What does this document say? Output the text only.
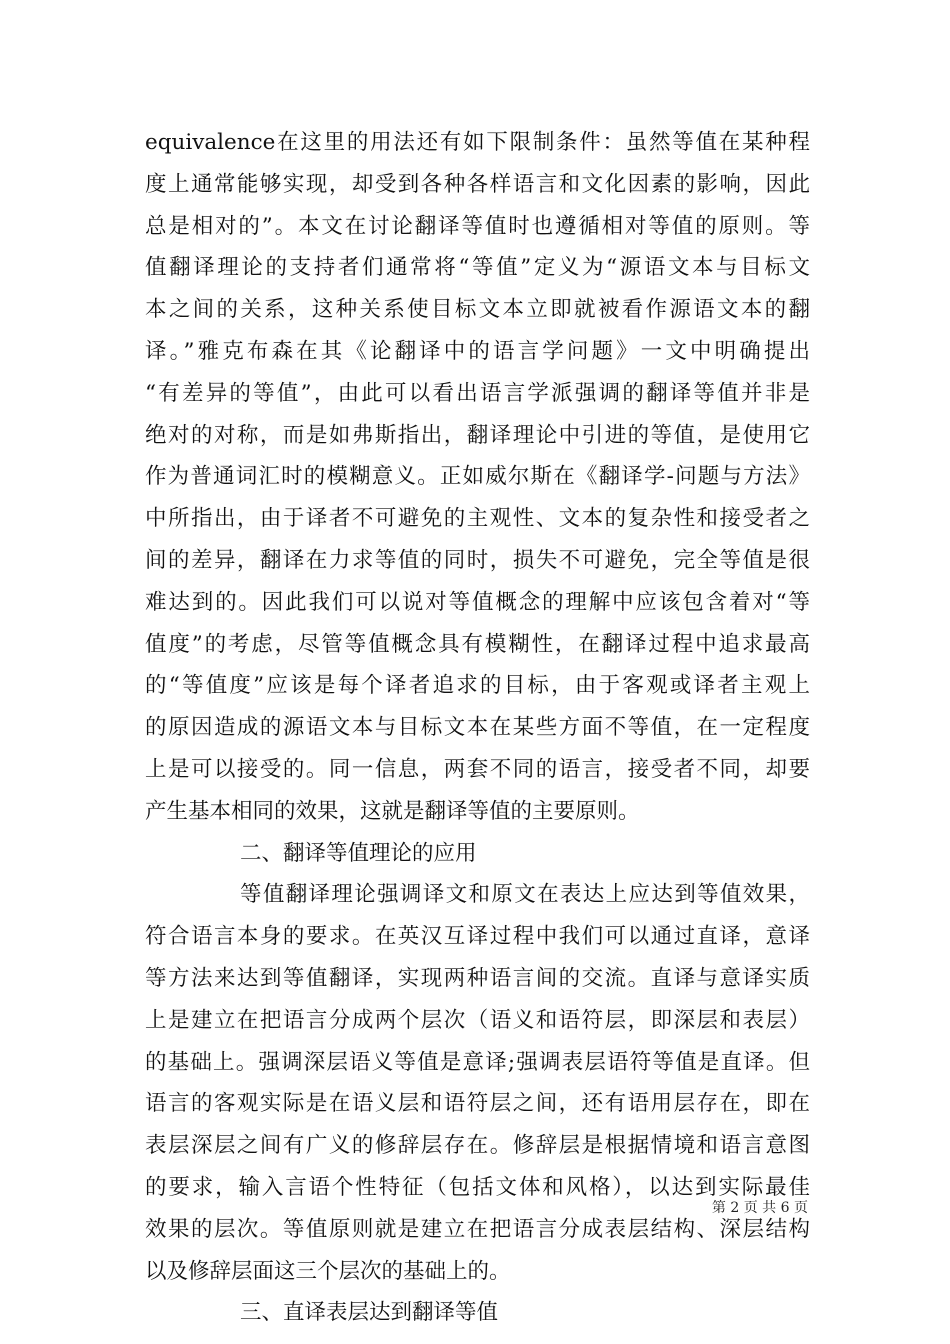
equivalence在这里的用法还有如下限制条件：虽然等值在某种程
度上通常能够实现，却受到各种各样语言和文化因素的影响，因此
总是相对的”。本文在讨论翻译等值时也遵循相对等值的原则。等
值翻译理论的支持者们通常将“等值”定义为“源语文本与目标文
本之间的关系，这种关系使目标文本立即就被看作源语文本的翻
译。”雅克布森在其《论翻译中的语言学问题》一文中明确提出
“有差异的等值”，由此可以看出语言学派强调的翻译等值并非是
绝对的对称，而是如弗斯指出，翻译理论中引进的等值，是使用它
作为普通词汇时的模糊意义。正如威尔斯在《翻译学-问题与方法》
中所指出，由于译者不可避免的主观性、文本的复杂性和接受者之
间的差异，翻译在力求等值的同时，损失不可避免，完全等值是很
难达到的。因此我们可以说对等值概念的理解中应该包含着对“等
值度”的考虑，尽管等值概念具有模糊性，在翻译过程中追求最高
的“等值度”应该是每个译者追求的目标，由于客观或译者主观上
的原因造成的源语文本与目标文本在某些方面不等值，在一定程度
上是可以接受的。同一信息，两套不同的语言，接受者不同，却要
产生基本相同的效果，这就是翻译等值的主要原则。
二、翻译等值理论的应用
等值翻译理论强调译文和原文在表达上应达到等值效果，
符合语言本身的要求。在英汉互译过程中我们可以通过直译，意译
等方法来达到等值翻译，实现两种语言间的交流。直译与意译实质
上是建立在把语言分成两个层次（语义和语符层，即深层和表层）
的基础上。强调深层语义等值是意译;强调表层语符等值是直译。但
语言的客观实际是在语义层和语符层之间，还有语用层存在，即在
表层深层之间有广义的修辞层存在。修辞层是根据情境和语言意图
的要求，输入言语个性特征（包括文体和风格），以达到实际最佳
效果的层次。等值原则就是建立在把语言分成表层结构、深层结构
以及修辞层面这三个层次的基础上的。
三、直译表层达到翻译等值
第 2 页 共 6 页
